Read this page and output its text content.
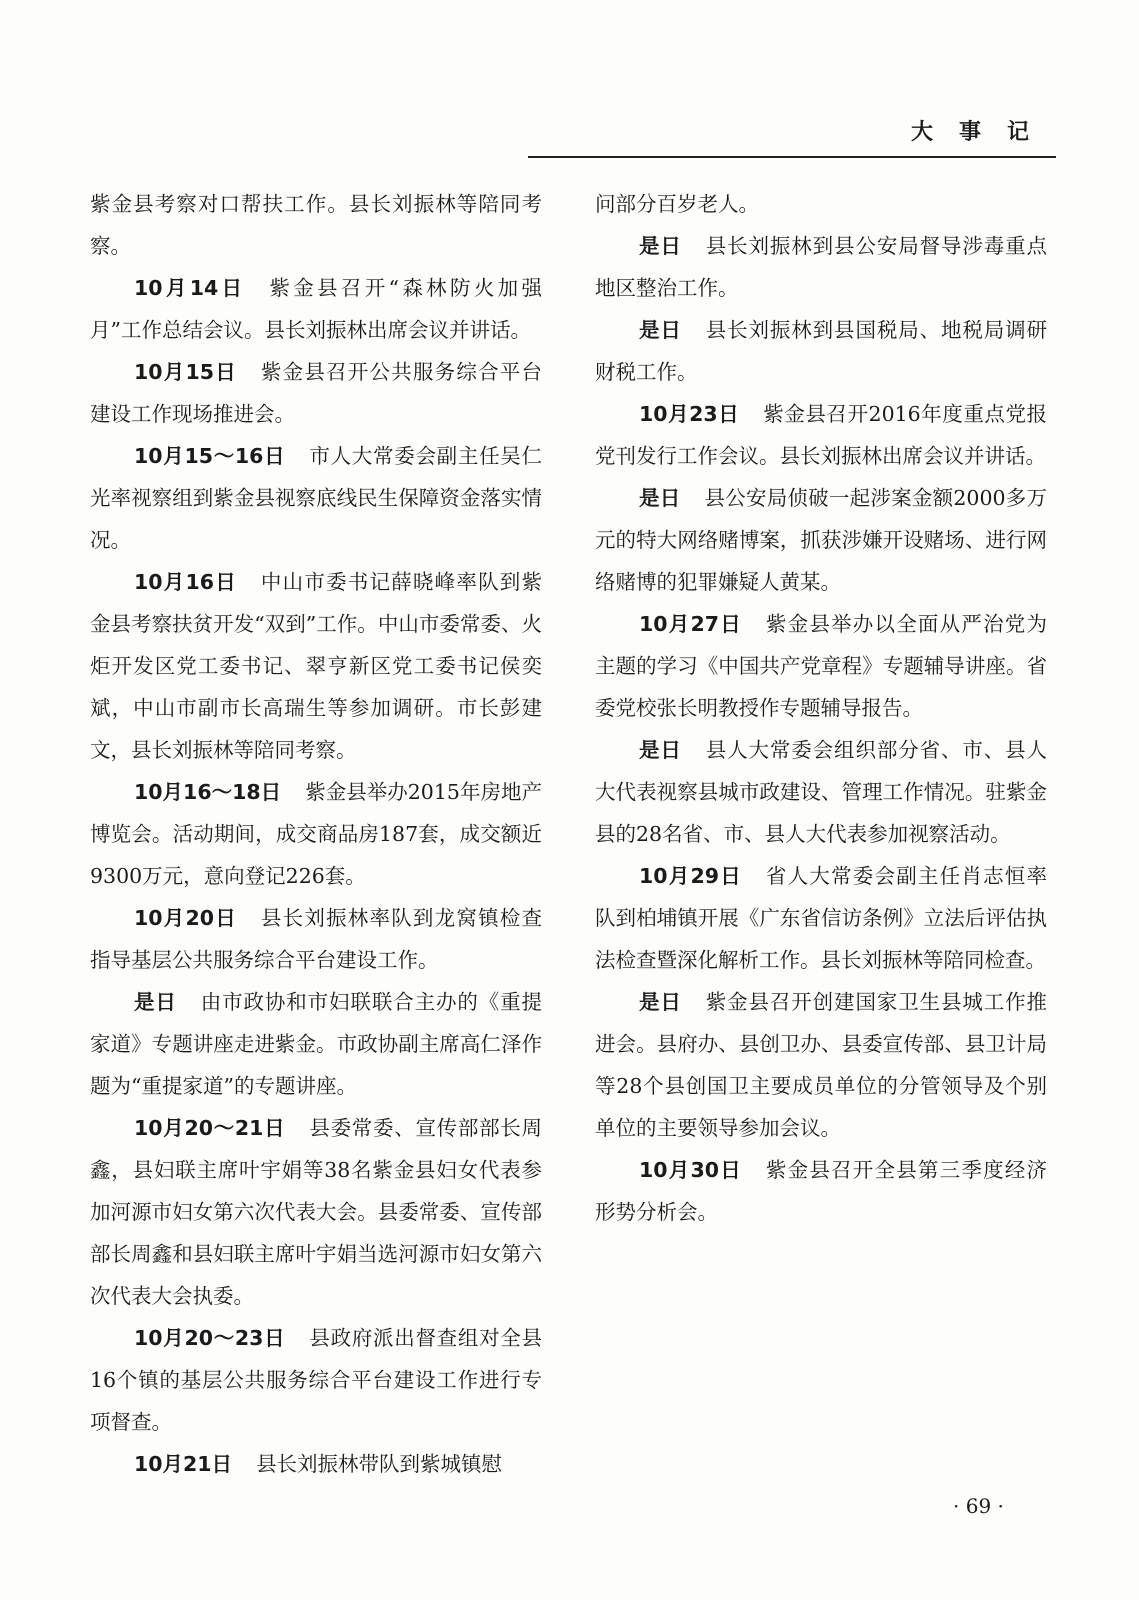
大事记

紫金县考察对口帮扶工作。县长刘振林等陪同考察。

10月14日 紫金县召开“森林防火加强月”工作总结会议。县长刘振林出席会议并讲话。

10月15日 紫金县召开公共服务综合平台建设工作现场推进会。

10月15～16日 市人大常委会副主任吴仁光率视察组到紫金县视察底线民生保障资金落实情况。

10月16日 中山市委书记薛晓峰率队到紫金县考察扶贫开发“双到”工作。中山市委常委、火炬开发区党工委书记、翠亨新区党工委书记侯奕斌，中山市副市长高瑞生等参加调研。市长彭建文，县长刘振林等陪同考察。

10月16～18日 紫金县举办2015年房地产博览会。活动期间，成交商品房187套，成交额近9300万元，意向登记226套。

10月20日 县长刘振林率队到龙窝镇检查指导基层公共服务综合平台建设工作。

是日 由市政协和市妇联联合主办的《重提家道》专题讲座走进紫金。市政协副主席高仁泽作题为“重提家道”的专题讲座。

10月20～21日 县委常委、宣传部部长周鑫，县妇联主席叶宇娟等38名紫金县妇女代表参加河源市妇女第六次代表大会。县委常委、宣传部部长周鑫和县妇联主席叶宇娟当选河源市妇女第六次代表大会执委。

10月20～23日 县政府派出督查组对全县16个镇的基层公共服务综合平台建设工作进行专项督查。

10月21日 县长刘振林带队到紫城镇慰

问部分百岁老人。

是日 县长刘振林到县公安局督导涉毒重点地区整治工作。

是日 县长刘振林到县国税局、地税局调研财税工作。

10月23日 紫金县召开2016年度重点党报党刊发行工作会议。县长刘振林出席会议并讲话。

是日 县公安局侦破一起涉案金额2000多万元的特大网络赌博案，抓获涉嫌开设赌场、进行网络赌博的犯罪嫌疑人黄某。

10月27日 紫金县举办以全面从严治党为主题的学习《中国共产党章程》专题辅导讲座。省委党校张长明教授作专题辅导报告。

是日 县人大常委会组织部分省、市、县人大代表视察县城市政建设、管理工作情况。驻紫金县的28名省、市、县人大代表参加视察活动。

10月29日 省人大常委会副主任肖志恒率队到柏埔镇开展《广东省信访条例》立法后评估执法检查暨深化解析工作。县长刘振林等陪同检查。

是日 紫金县召开创建国家卫生县城工作推进会。县府办、县创卫办、县委宣传部、县卫计局等28个县创国卫主要成员单位的分管领导及个别单位的主要领导参加会议。

10月30日 紫金县召开全县第三季度经济形势分析会。

· 69 ·
